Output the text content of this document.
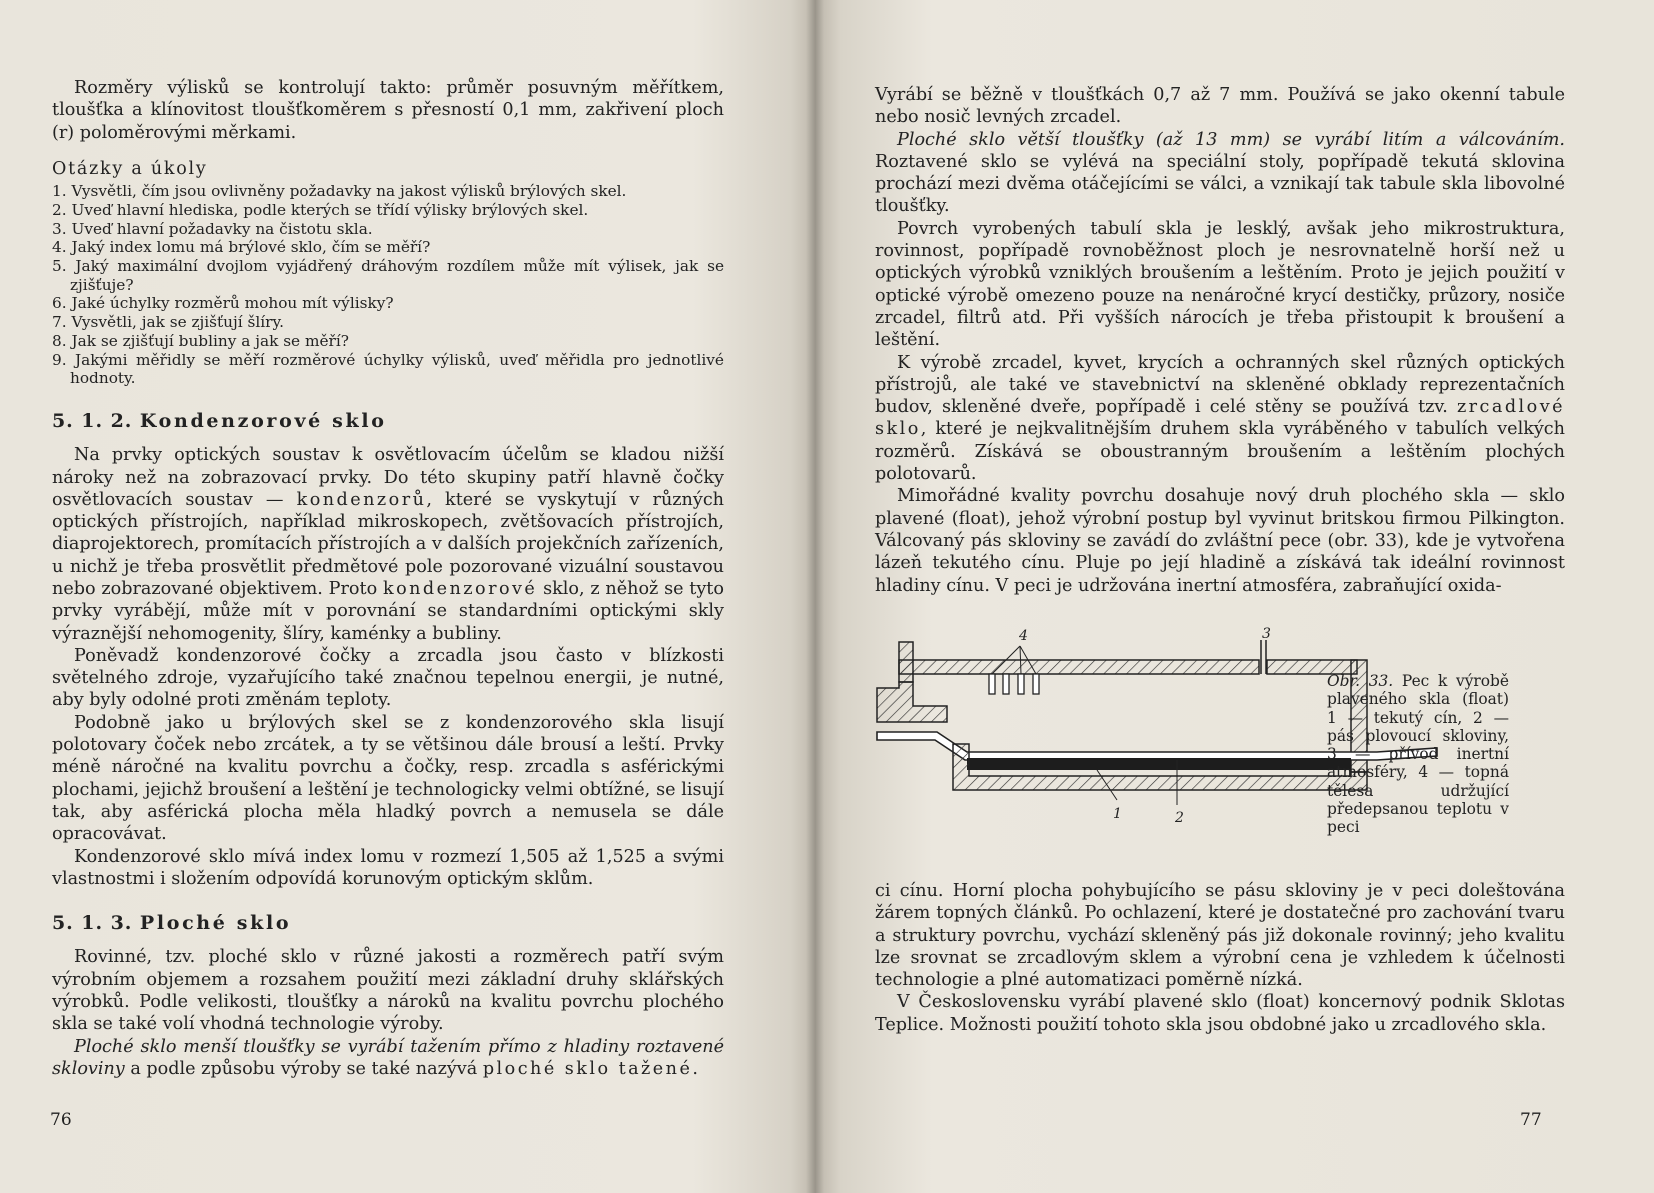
Rozměry výlisků se kontrolují takto: průměr posuvným měřítkem, tloušťka a klínovitost tloušťkoměrem s přesností 0,1 mm, zakřivení ploch (r) poloměrovými měrkami.

Otázky a úkoly
1. Vysvětli, čím jsou ovlivněny požadavky na jakost výlisků brýlových skel.
2. Uveď hlavní hlediska, podle kterých se třídí výlisky brýlových skel.
3. Uveď hlavní požadavky na čistotu skla.
4. Jaký index lomu má brýlové sklo, čím se měří?
5. Jaký maximální dvojlom vyjádřený dráhovým rozdílem může mít výlisek, jak se zjišťuje?
6. Jaké úchylky rozměrů mohou mít výlisky?
7. Vysvětli, jak se zjišťují šlíry.
8. Jak se zjišťují bubliny a jak se měří?
9. Jakými měřidly se měří rozměrové úchylky výlisků, uveď měřidla pro jednotlivé hodnoty.
5. 1. 2. Kondenzorové sklo

Na prvky optických soustav k osvětlovacím účelům se kladou nižší nároky než na zobrazovací prvky. Do této skupiny patří hlavně čočky osvětlovacích soustav — kondenzorů, které se vyskytují v různých optických přístrojích, například mikroskopech, zvětšovacích přístrojích, diaprojektorech, promítacích přístrojích a v dalších projekčních zařízeních, u nichž je třeba prosvětlit předmětové pole pozorované vizuální soustavou nebo zobrazované objektivem. Proto kondenzorové sklo, z něhož se tyto prvky vyrábějí, může mít v porovnání se standardními optickými skly výraznější nehomogenity, šlíry, kaménky a bubliny.

Poněvadž kondenzorové čočky a zrcadla jsou často v blízkosti světelného zdroje, vyzařujícího také značnou tepelnou energii, je nutné, aby byly odolné proti změnám teploty.

Podobně jako u brýlových skel se z kondenzorového skla lisují polotovary čoček nebo zrcátek, a ty se většinou dále brousí a leští. Prvky méně náročné na kvalitu povrchu a čočky, resp. zrcadla s asférickými plochami, jejichž broušení a leštění je technologicky velmi obtížné, se lisují tak, aby asférická plocha měla hladký povrch a nemusela se dále opracovávat.

Kondenzorové sklo mívá index lomu v rozmezí 1,505 až 1,525 a svými vlastnostmi i složením odpovídá korunovým optickým sklům.

5. 1. 3. Ploché sklo

Rovinné, tzv. ploché sklo v různé jakosti a rozměrech patří svým výrobním objemem a rozsahem použití mezi základní druhy sklářských výrobků. Podle velikosti, tloušťky a nároků na kvalitu povrchu plochého skla se také volí vhodná technologie výroby.

Ploché sklo menší tloušťky se vyrábí tažením přímo z hladiny roztavené skloviny a podle způsobu výroby se také nazývá ploché sklo tažené.

76

Vyrábí se běžně v tloušťkách 0,7 až 7 mm. Používá se jako okenní tabule nebo nosič levných zrcadel.

Ploché sklo větší tloušťky (až 13 mm) se vyrábí litím a válcováním. Roztavené sklo se vylévá na speciální stoly, popřípadě tekutá sklovina prochází mezi dvěma otáčejícími se válci, a vznikají tak tabule skla libovolné tloušťky.

Povrch vyrobených tabulí skla je lesklý, avšak jeho mikrostruktura, rovinnost, popřípadě rovnoběžnost ploch je nesrovnatelně horší než u optických výrobků vzniklých broušením a leštěním. Proto je jejich použití v optické výrobě omezeno pouze na nenáročné krycí destičky, průzory, nosiče zrcadel, filtrů atd. Při vyšších nárocích je třeba přistoupit k broušení a leštění.

K výrobě zrcadel, kyvet, krycích a ochranných skel různých optických přístrojů, ale také ve stavebnictví na skleněné obklady reprezentačních budov, skleněné dveře, popřípadě i celé stěny se používá tzv. zrcadlové sklo, které je nejkvalitnějším druhem skla vyráběného v tabulích velkých rozměrů. Získává se oboustranným broušením a leštěním plochých polotovarů.

Mimořádné kvality povrchu dosahuje nový druh plochého skla — sklo plavené (float), jehož výrobní postup byl vyvinut britskou firmou Pilkington. Válcovaný pás skloviny se zavádí do zvláštní pece (obr. 33), kde je vytvořena lázeň tekutého cínu. Pluje po její hladině a získává tak ideální rovinnost hladiny cínu. V peci je udržována inertní atmosféra, zabraňující oxida-

4	3
1	2
Obr. 33. Pec k výrobě plaveného skla (float) 1 — tekutý cín, 2 — pás plovoucí skloviny, 3 — přívod inertní atmosféry, 4 — topná tělesa udržující předepsanou teplotu v peci

ci cínu. Horní plocha pohybujícího se pásu skloviny je v peci doleštována žárem topných článků. Po ochlazení, které je dostatečné pro zachování tvaru a struktury povrchu, vychází skleněný pás již dokonale rovinný; jeho kvalitu lze srovnat se zrcadlovým sklem a výrobní cena je vzhledem k účelnosti technologie a plné automatizaci poměrně nízká.

V Československu vyrábí plavené sklo (float) koncernový podnik Sklotas Teplice. Možnosti použití tohoto skla jsou obdobné jako u zrcadlového skla.

77
